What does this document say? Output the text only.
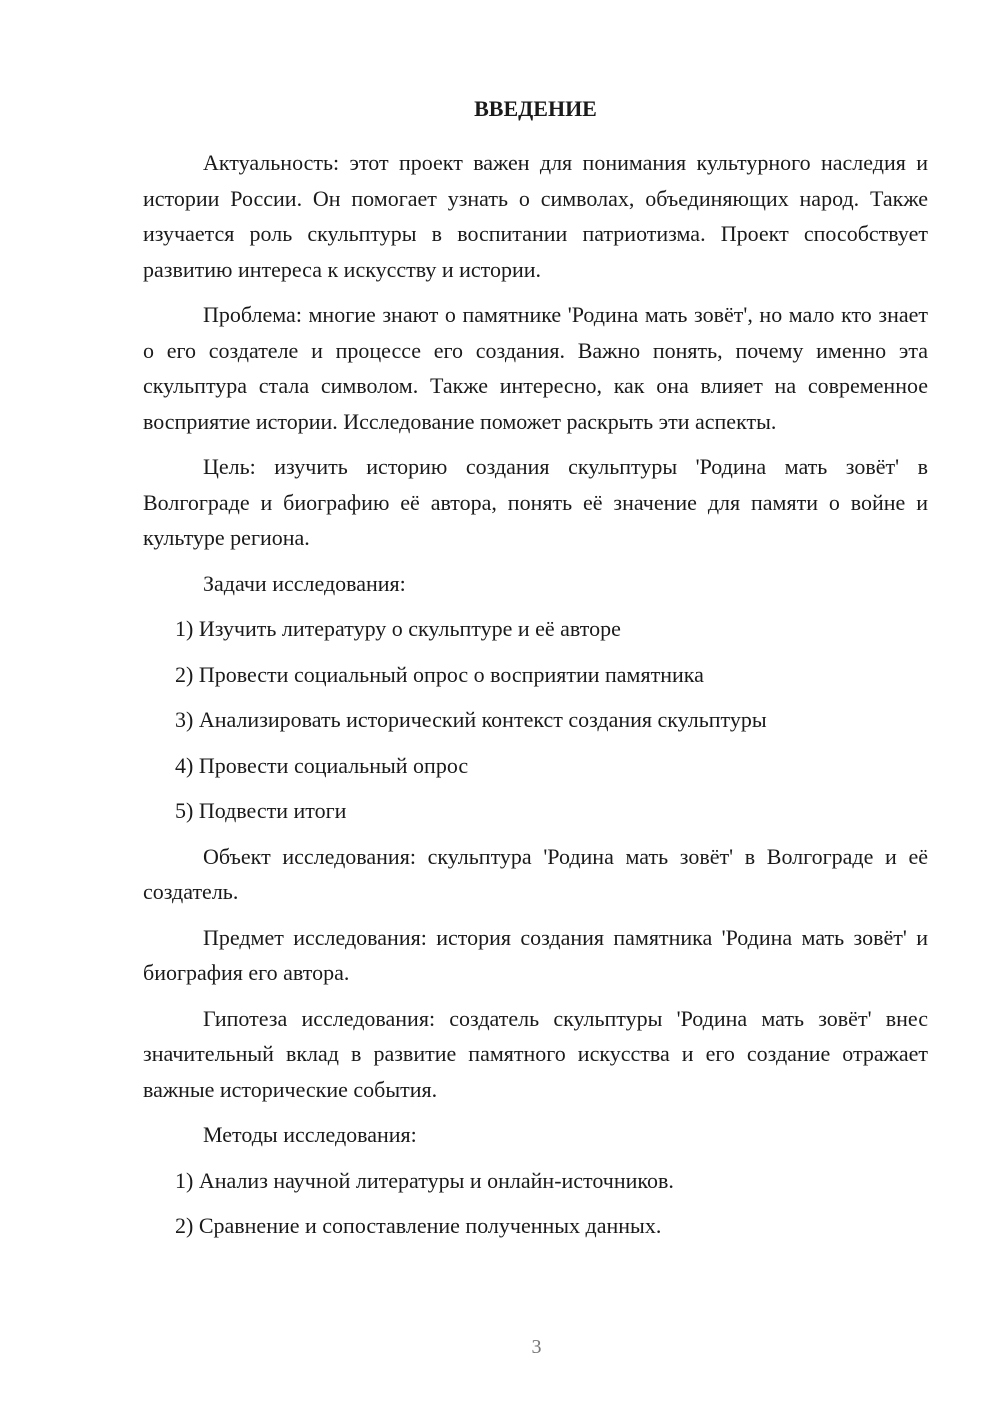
ВВЕДЕНИЕ

Актуальность: этот проект важен для понимания культурного наследия и истории России. Он помогает узнать о символах, объединяющих народ. Также изучается роль скульптуры в воспитании патриотизма. Проект способствует развитию интереса к искусству и истории.

Проблема: многие знают о памятнике 'Родина мать зовёт', но мало кто знает о его создателе и процессе его создания. Важно понять, почему именно эта скульптура стала символом. Также интересно, как она влияет на современное восприятие истории. Исследование поможет раскрыть эти аспекты.

Цель: изучить историю создания скульптуры 'Родина мать зовёт' в Волгограде и биографию её автора, понять её значение для памяти о войне и культуре региона.

Задачи исследования:

1) Изучить литературу о скульптуре и её авторе
2) Провести социальный опрос о восприятии памятника
3) Анализировать исторический контекст создания скульптуры
4) Провести социальный опрос
5) Подвести итоги

Объект исследования: скульптура 'Родина мать зовёт' в Волгограде и её создатель.

Предмет исследования: история создания памятника 'Родина мать зовёт' и биография его автора.

Гипотеза исследования: создатель скульптуры 'Родина мать зовёт' внес значительный вклад в развитие памятного искусства и его создание отражает важные исторические события.

Методы исследования:

1) Анализ научной литературы и онлайн-источников.
2) Сравнение и сопоставление полученных данных.
3
